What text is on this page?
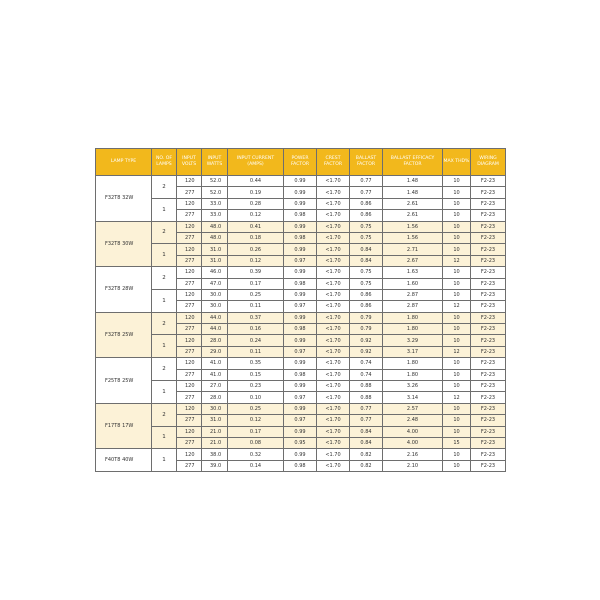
LAMP TYPE	NO. OF LAMPS	INPUT VOLTS	INPUT WATTS	INPUT CURRENT (AMPS)	POWER FACTOR	CREST FACTOR	BALLAST FACTOR	BALLAST EFFICACY FACTOR	MAX THD%	WIRING DIAGRAM
F32T8 32W	2	120	52.0	0.44	0.99	<1.70	0.77	1.48	10	F2-23
		277	52.0	0.19	0.99	<1.70	0.77	1.48	10	F2-23
	1	120	33.0	0.28	0.99	<1.70	0.86	2.61	10	F2-23
		277	33.0	0.12	0.98	<1.70	0.86	2.61	10	F2-23
F32T8 30W	2	120	48.0	0.41	0.99	<1.70	0.75	1.56	10	F2-23
		277	48.0	0.18	0.98	<1.70	0.75	1.56	10	F2-23
	1	120	31.0	0.26	0.99	<1.70	0.84	2.71	10	F2-23
		277	31.0	0.12	0.97	<1.70	0.84	2.67	12	F2-23
F32T8 28W	2	120	46.0	0.39	0.99	<1.70	0.75	1.63	10	F2-23
		277	47.0	0.17	0.98	<1.70	0.75	1.60	10	F2-23
	1	120	30.0	0.25	0.99	<1.70	0.86	2.87	10	F2-23
		277	30.0	0.11	0.97	<1.70	0.86	2.87	12	F2-23
F32T8 25W	2	120	44.0	0.37	0.99	<1.70	0.79	1.80	10	F2-23
		277	44.0	0.16	0.98	<1.70	0.79	1.80	10	F2-23
	1	120	28.0	0.24	0.99	<1.70	0.92	3.29	10	F2-23
		277	29.0	0.11	0.97	<1.70	0.92	3.17	12	F2-23
F25T8 25W	2	120	41.0	0.35	0.99	<1.70	0.74	1.80	10	F2-23
		277	41.0	0.15	0.98	<1.70	0.74	1.80	10	F2-23
	1	120	27.0	0.23	0.99	<1.70	0.88	3.26	10	F2-23
		277	28.0	0.10	0.97	<1.70	0.88	3.14	12	F2-23
F17T8 17W	2	120	30.0	0.25	0.99	<1.70	0.77	2.57	10	F2-23
		277	31.0	0.12	0.97	<1.70	0.77	2.48	10	F2-23
	1	120	21.0	0.17	0.99	<1.70	0.84	4.00	10	F2-23
		277	21.0	0.08	0.95	<1.70	0.84	4.00	15	F2-23
F40T8 40W	1	120	38.0	0.32	0.99	<1.70	0.82	2.16	10	F2-23
		277	39.0	0.14	0.98	<1.70	0.82	2.10	10	F2-23
